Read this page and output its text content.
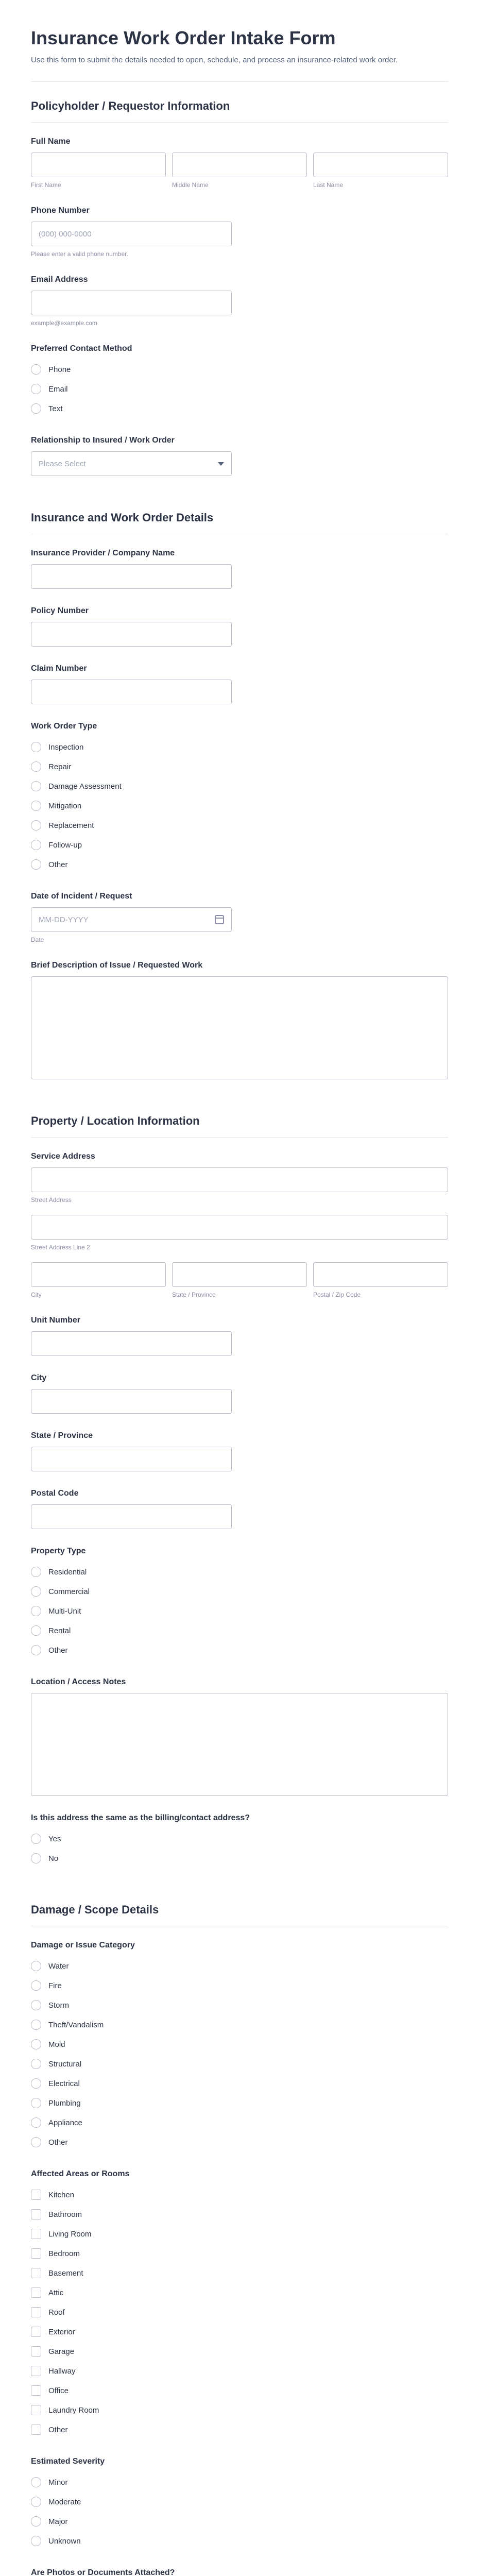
Insurance Work Order Intake Form

Use this form to submit the details needed to open, schedule, and process an insurance-related work order.

Policyholder / Requestor Information
Full Name
First Name	Middle Name	Last Name
Phone Number
(000) 000-0000
Please enter a valid phone number.
Email Address
example@example.com
Preferred Contact Method
Phone
Email
Text
Relationship to Insured / Work Order
Please Select
Insurance and Work Order Details
Insurance Provider / Company Name
Policy Number
Claim Number
Work Order Type
Inspection
Repair
Damage Assessment
Mitigation
Replacement
Follow-up
Other
Date of Incident / Request
MM-DD-YYYY
Date
Brief Description of Issue / Requested Work
Property / Location Information
Service Address
Street Address
Street Address Line 2
City	State / Province	Postal / Zip Code
Unit Number
City
State / Province
Postal Code
Property Type
Residential
Commercial
Multi-Unit
Rental
Other
Location / Access Notes
Is this address the same as the billing/contact address?
Yes
No
Damage / Scope Details
Damage or Issue Category
Water
Fire
Storm
Theft/Vandalism
Mold
Structural
Electrical
Plumbing
Appliance
Other
Affected Areas or Rooms
Kitchen
Bathroom
Living Room
Bedroom
Basement
Attic
Roof
Exterior
Garage
Hallway
Office
Laundry Room
Other
Estimated Severity
Minor
Moderate
Major
Unknown
Are Photos or Documents Attached?
